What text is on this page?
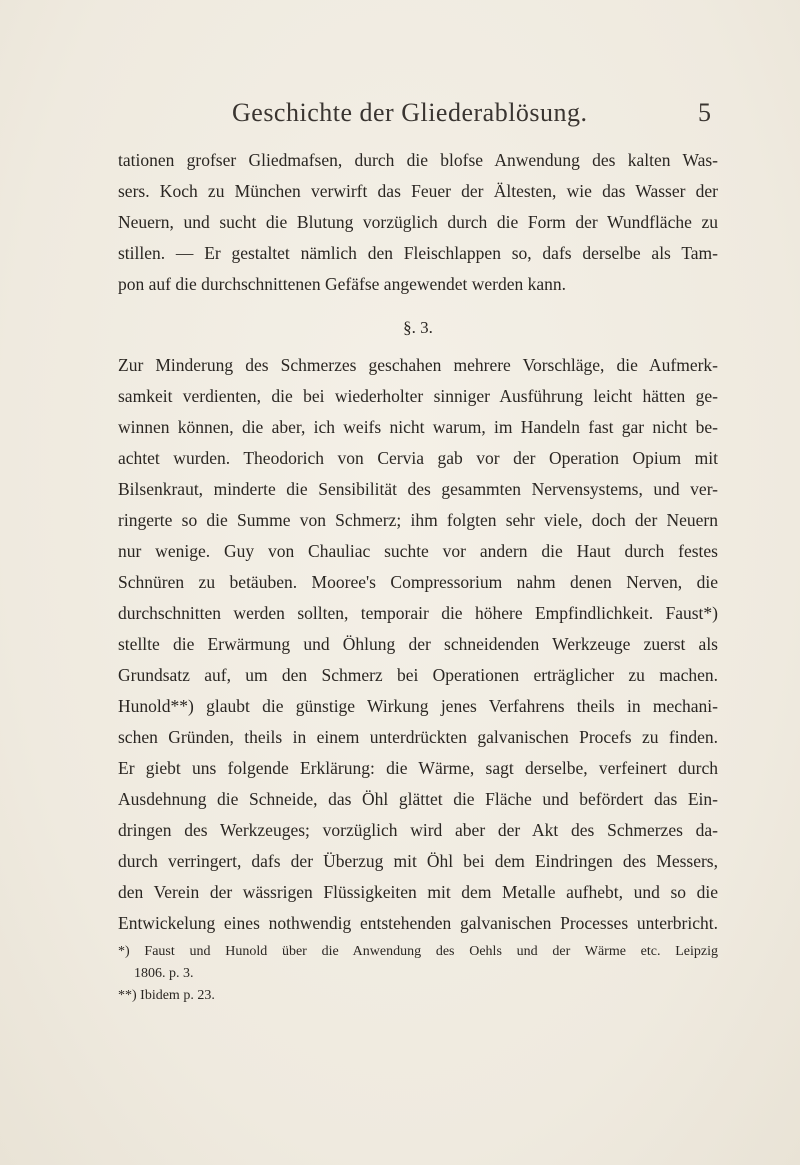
Geschichte der Gliederablösung.	5
tationen grofser Gliedmafsen, durch die blofse Anwendung des kalten Was-
sers. Koch zu München verwirft das Feuer der Ältesten, wie das Wasser der
Neuern, und sucht die Blutung vorzüglich durch die Form der Wundfläche zu
stillen. — Er gestaltet nämlich den Fleischlappen so, dafs derselbe als Tam-
pon auf die durchschnittenen Gefäfse angewendet werden kann.
§. 3.
Zur Minderung des Schmerzes geschahen mehrere Vorschläge, die Aufmerk-
samkeit verdienten, die bei wiederholter sinniger Ausführung leicht hätten ge-
winnen können, die aber, ich weifs nicht warum, im Handeln fast gar nicht be-
achtet wurden. Theodorich von Cervia gab vor der Operation Opium mit
Bilsenkraut, minderte die Sensibilität des gesammten Nervensystems, und ver-
ringerte so die Summe von Schmerz; ihm folgten sehr viele, doch der Neuern
nur wenige. Guy von Chauliac suchte vor andern die Haut durch festes
Schnüren zu betäuben. Mooree's Compressorium nahm denen Nerven, die
durchschnitten werden sollten, temporair die höhere Empfindlichkeit. Faust*)
stellte die Erwärmung und Öhlung der schneidenden Werkzeuge zuerst als
Grundsatz auf, um den Schmerz bei Operationen erträglicher zu machen.
Hunold**) glaubt die günstige Wirkung jenes Verfahrens theils in mechani-
schen Gründen, theils in einem unterdrückten galvanischen Procefs zu finden.
Er giebt uns folgende Erklärung: die Wärme, sagt derselbe, verfeinert durch
Ausdehnung die Schneide, das Öhl glättet die Fläche und befördert das Ein-
dringen des Werkzeuges; vorzüglich wird aber der Akt des Schmerzes da-
durch verringert, dafs der Überzug mit Öhl bei dem Eindringen des Messers,
den Verein der wässrigen Flüssigkeiten mit dem Metalle aufhebt, und so die
Entwickelung eines nothwendig entstehenden galvanischen Processes unterbricht.
*) Faust und Hunold über die Anwendung des Oehls und der Wärme etc. Leipzig
1806. p. 3.
**) Ibidem p. 23.
